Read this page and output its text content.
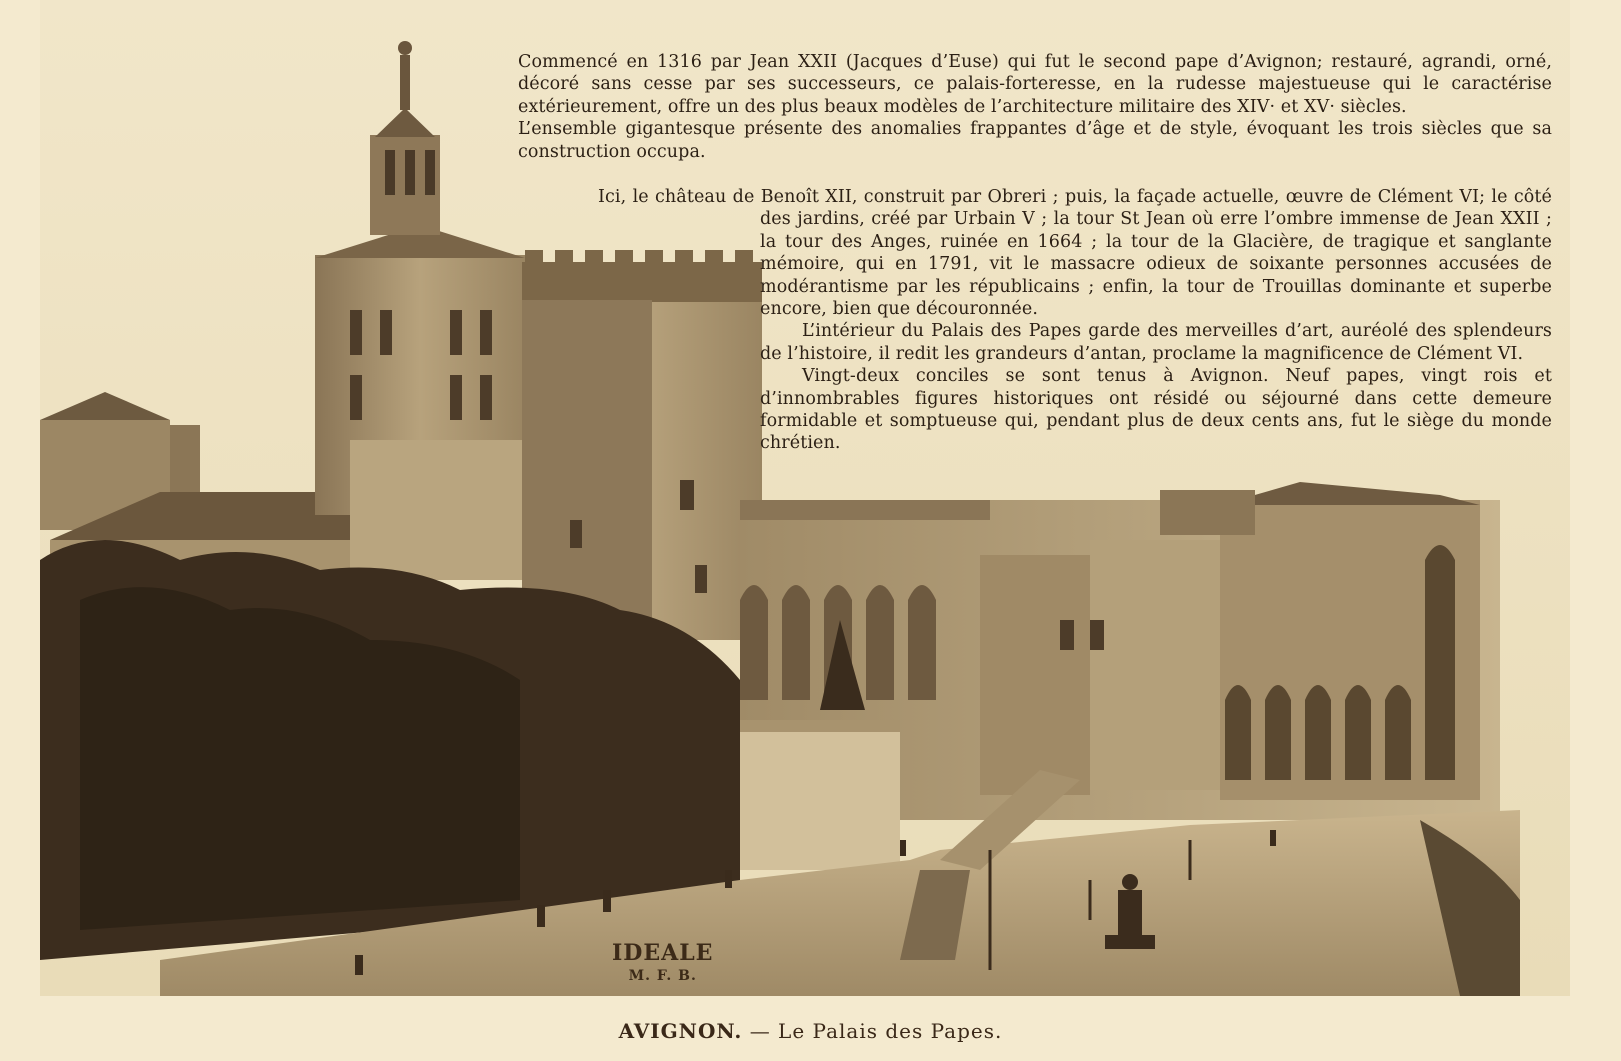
Commencé en 1316 par Jean XXII (Jacques d’Euse) qui fut le second pape d’Avignon; restauré, agrandi, orné, décoré sans cesse par ses successeurs, ce palais-forteresse, en la rudesse majestueuse qui le caractérise extérieurement, offre un des plus beaux modèles de l’architecture militaire des XIV· et XV· siècles.

L’ensemble gigantesque présente des anomalies frappantes d’âge et de style, évoquant les trois siècles que sa construction occupa.

Ici, le château de Benoît XII, construit par Obreri ; puis, la façade actuelle, œuvre de Clément VI; le côté des jardins, créé par Urbain V ; la tour St Jean où erre l’ombre immense de Jean XXII ; la tour des Anges, ruinée en 1664 ; la tour de la Glacière, de tragique et sanglante mémoire, qui en 1791, vit le massacre odieux de soixante personnes accusées de modérantisme par les républicains ; enfin, la tour de Trouillas dominante et superbe encore, bien que découronnée.

L’intérieur du Palais des Papes garde des merveilles d’art, auréolé des splendeurs de l’histoire, il redit les grandeurs d’antan, proclame la magnificence de Clément VI.

Vingt-deux conciles se sont tenus à Avignon. Neuf papes, vingt rois et d’innombrables figures historiques ont résidé ou séjourné dans cette demeure formidable et somptueuse qui, pendant plus de deux cents ans, fut le siège du monde chrétien.

IDEALE
M. F. B.
AVIGNON. — Le Palais des Papes.
